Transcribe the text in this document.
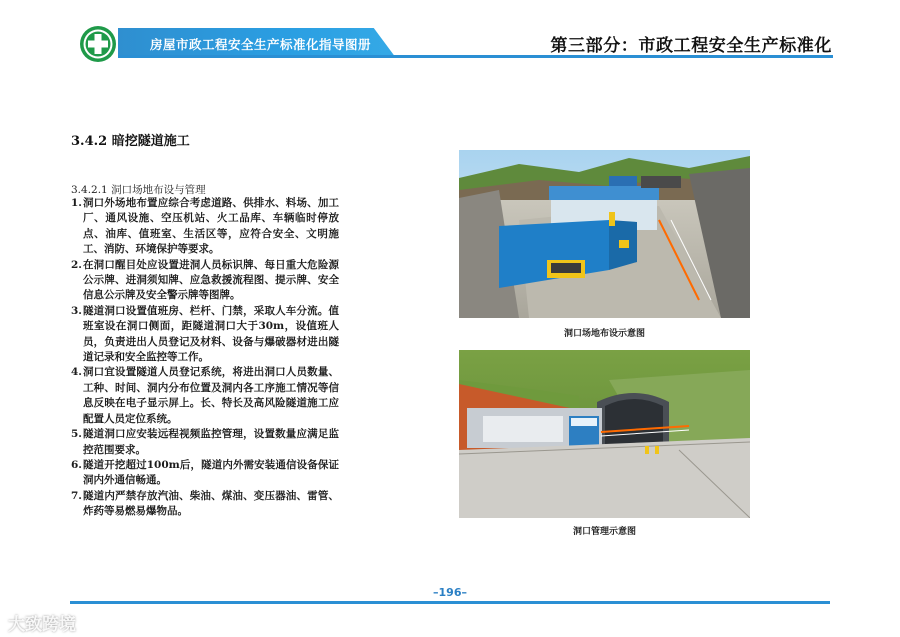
房屋市政工程安全生产标准化指导图册	第三部分：市政工程安全生产标准化
3.4.2 暗挖隧道施工
3.4.2.1 洞口场地布设与管理
1. 洞口外场地布置应综合考虑道路、供排水、料场、加工厂、通风设施、空压机站、火工品库、车辆临时停放点、油库、值班室、生活区等，应符合安全、文明施工、消防、环境保护等要求。
2. 在洞口醒目处应设置进洞人员标识牌、每日重大危险源公示牌、进洞须知牌、应急救援流程图、提示牌、安全信息公示牌及安全警示牌等图牌。
3. 隧道洞口设置值班房、栏杆、门禁，采取人车分流。值班室设在洞口侧面，距隧道洞口大于30m，设值班人员，负责进出人员登记及材料、设备与爆破器材进出隧道记录和安全监控等工作。
4. 洞口宜设置隧道人员登记系统，将进出洞口人员数量、工种、时间、洞内分布位置及洞内各工序施工情况等信息反映在电子显示屏上。长、特长及高风险隧道施工应配置人员定位系统。
5. 隧道洞口应安装远程视频监控管理，设置数量应满足监控范围要求。
6. 隧道开挖超过100m后，隧道内外需安装通信设备保证洞内外通信畅通。
7. 隧道内严禁存放汽油、柴油、煤油、变压器油、雷管、炸药等易燃易爆物品。
洞口场地布设示意图
洞口管理示意图
–196–
大致跨境
